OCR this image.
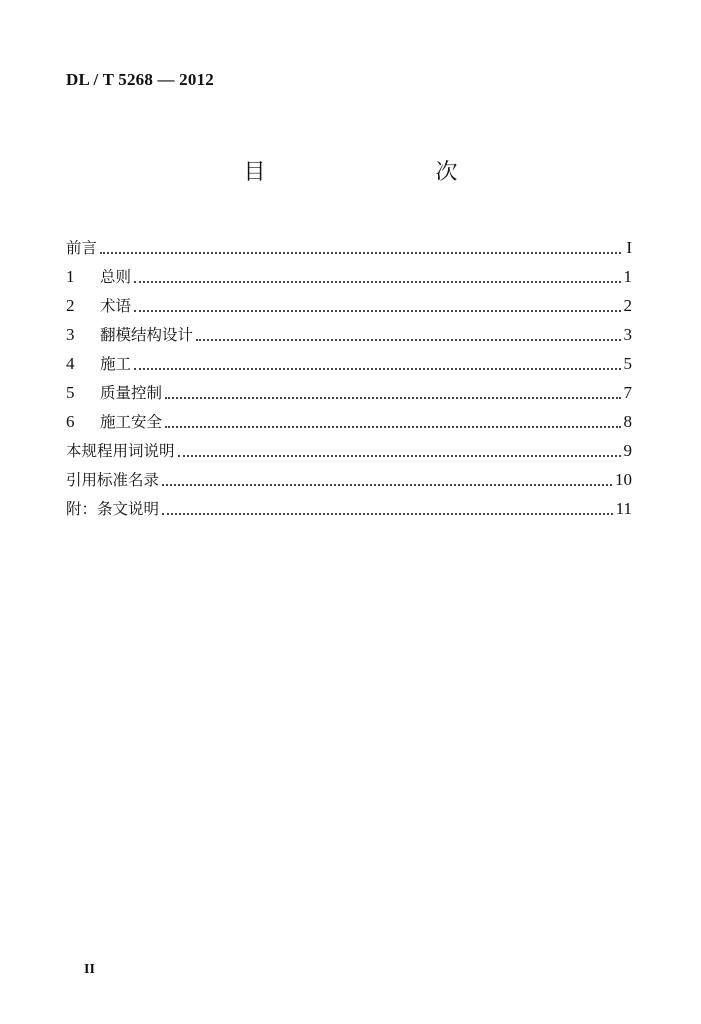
DL / T 5268 — 2012
目　　次
前言	I
1	总则	1
2	术语	2
3	翻模结构设计	3
4	施工	5
5	质量控制	7
6	施工安全	8
本规程用词说明	9
引用标准名录	10
附：条文说明	11
II
